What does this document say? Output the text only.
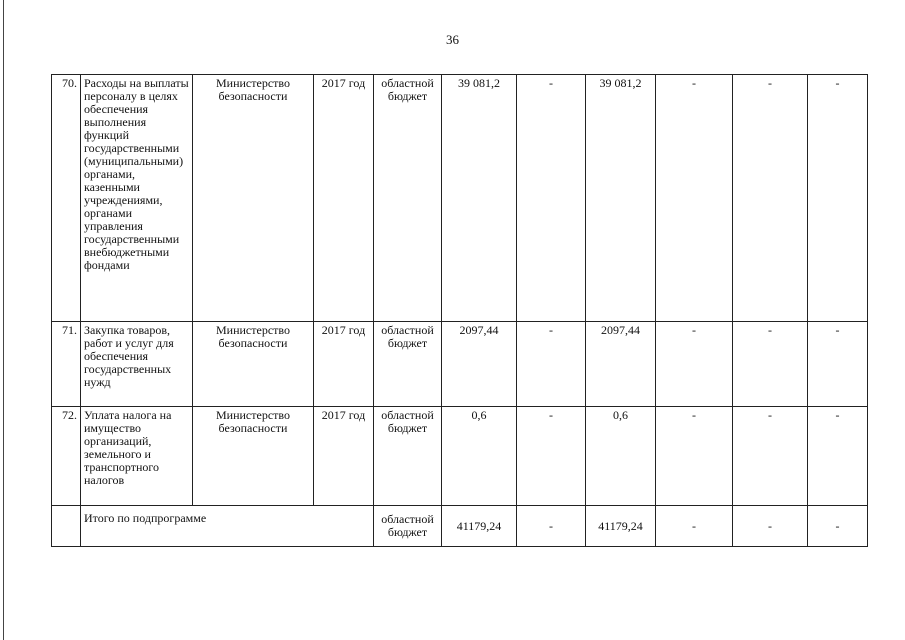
36
70.	Расходы на выплаты персоналу в целях обеспечения выполнения функций государственными (муниципальными) органами, казенными учреждениями, органами управления государственными внебюджетными фондами	Министерство безопасности	2017 год	областной бюджет	39 081,2	-	39 081,2	-	-	-
71.	Закупка товаров, работ и услуг для обеспечения государственных нужд	Министерство безопасности	2017 год	областной бюджет	2097,44	-	2097,44	-	-	-
72.	Уплата налога на имущество организаций, земельного и транспортного налогов	Министерство безопасности	2017 год	областной бюджет	0,6	-	0,6	-	-	-
	Итого по подпрограмме			областной бюджет	41179,24	-	41179,24	-	-	-
